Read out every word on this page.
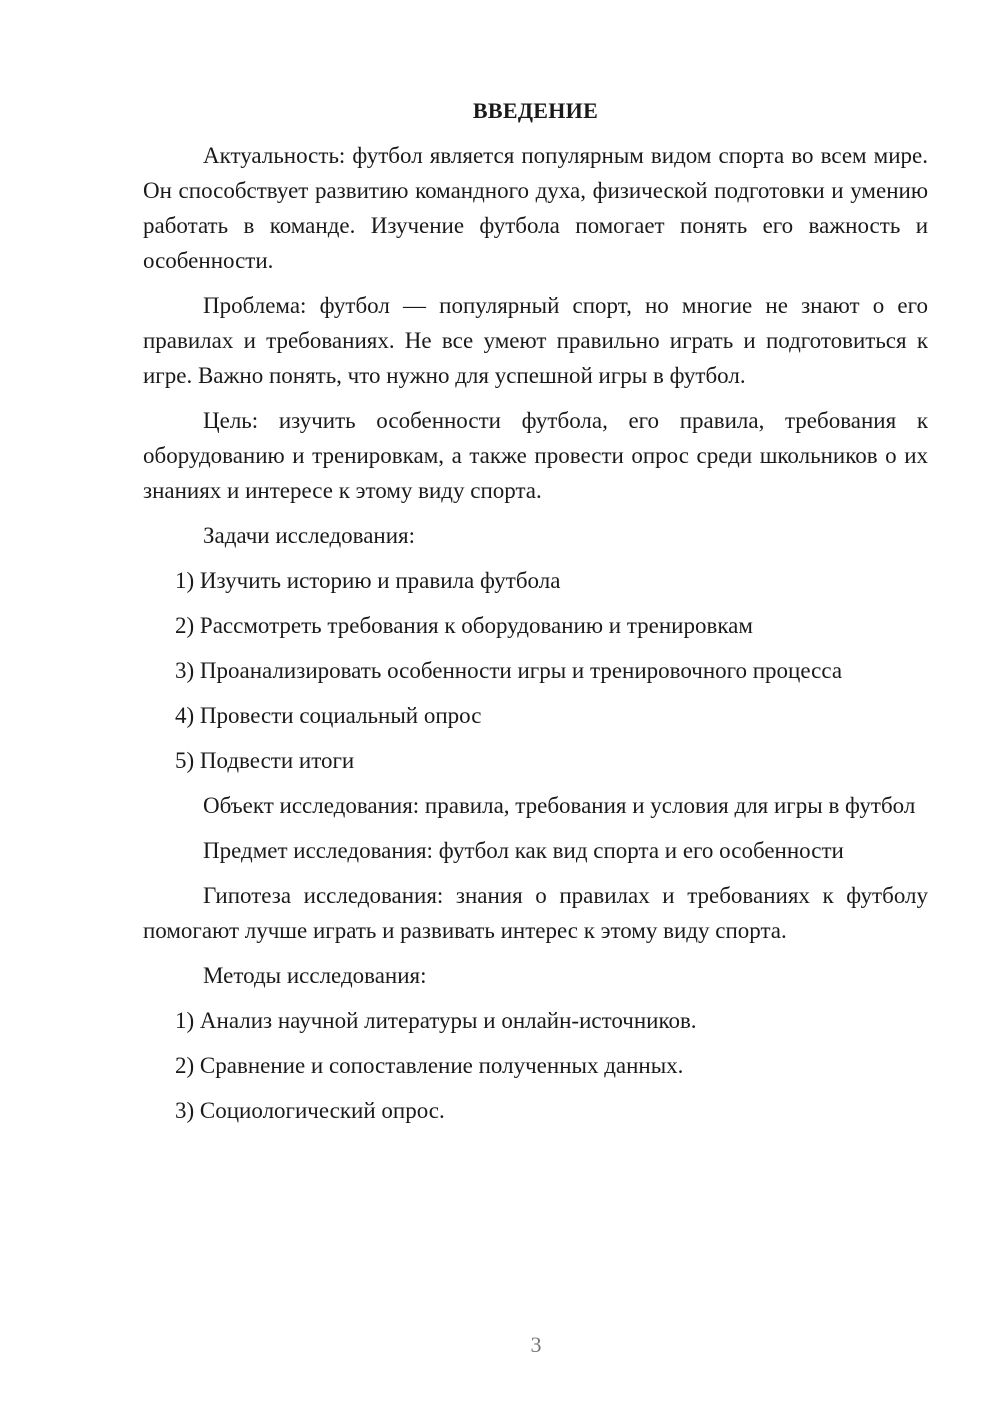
ВВЕДЕНИЕ

Актуальность: футбол является популярным видом спорта во всем мире. Он способствует развитию командного духа, физической подготовки и умению работать в команде. Изучение футбола помогает понять его важность и особенности.

Проблема: футбол — популярный спорт, но многие не знают о его правилах и требованиях. Не все умеют правильно играть и подготовиться к игре. Важно понять, что нужно для успешной игры в футбол.

Цель: изучить особенности футбола, его правила, требования к оборудованию и тренировкам, а также провести опрос среди школьников о их знаниях и интересе к этому виду спорта.

Задачи исследования:

1) Изучить историю и правила футбола
2) Рассмотреть требования к оборудованию и тренировкам
3) Проанализировать особенности игры и тренировочного процесса
4) Провести социальный опрос
5) Подвести итоги

Объект исследования: правила, требования и условия для игры в футбол

Предмет исследования: футбол как вид спорта и его особенности

Гипотеза исследования: знания о правилах и требованиях к футболу помогают лучше играть и развивать интерес к этому виду спорта.

Методы исследования:

1) Анализ научной литературы и онлайн-источников.
2) Сравнение и сопоставление полученных данных.
3) Социологический опрос.
3
